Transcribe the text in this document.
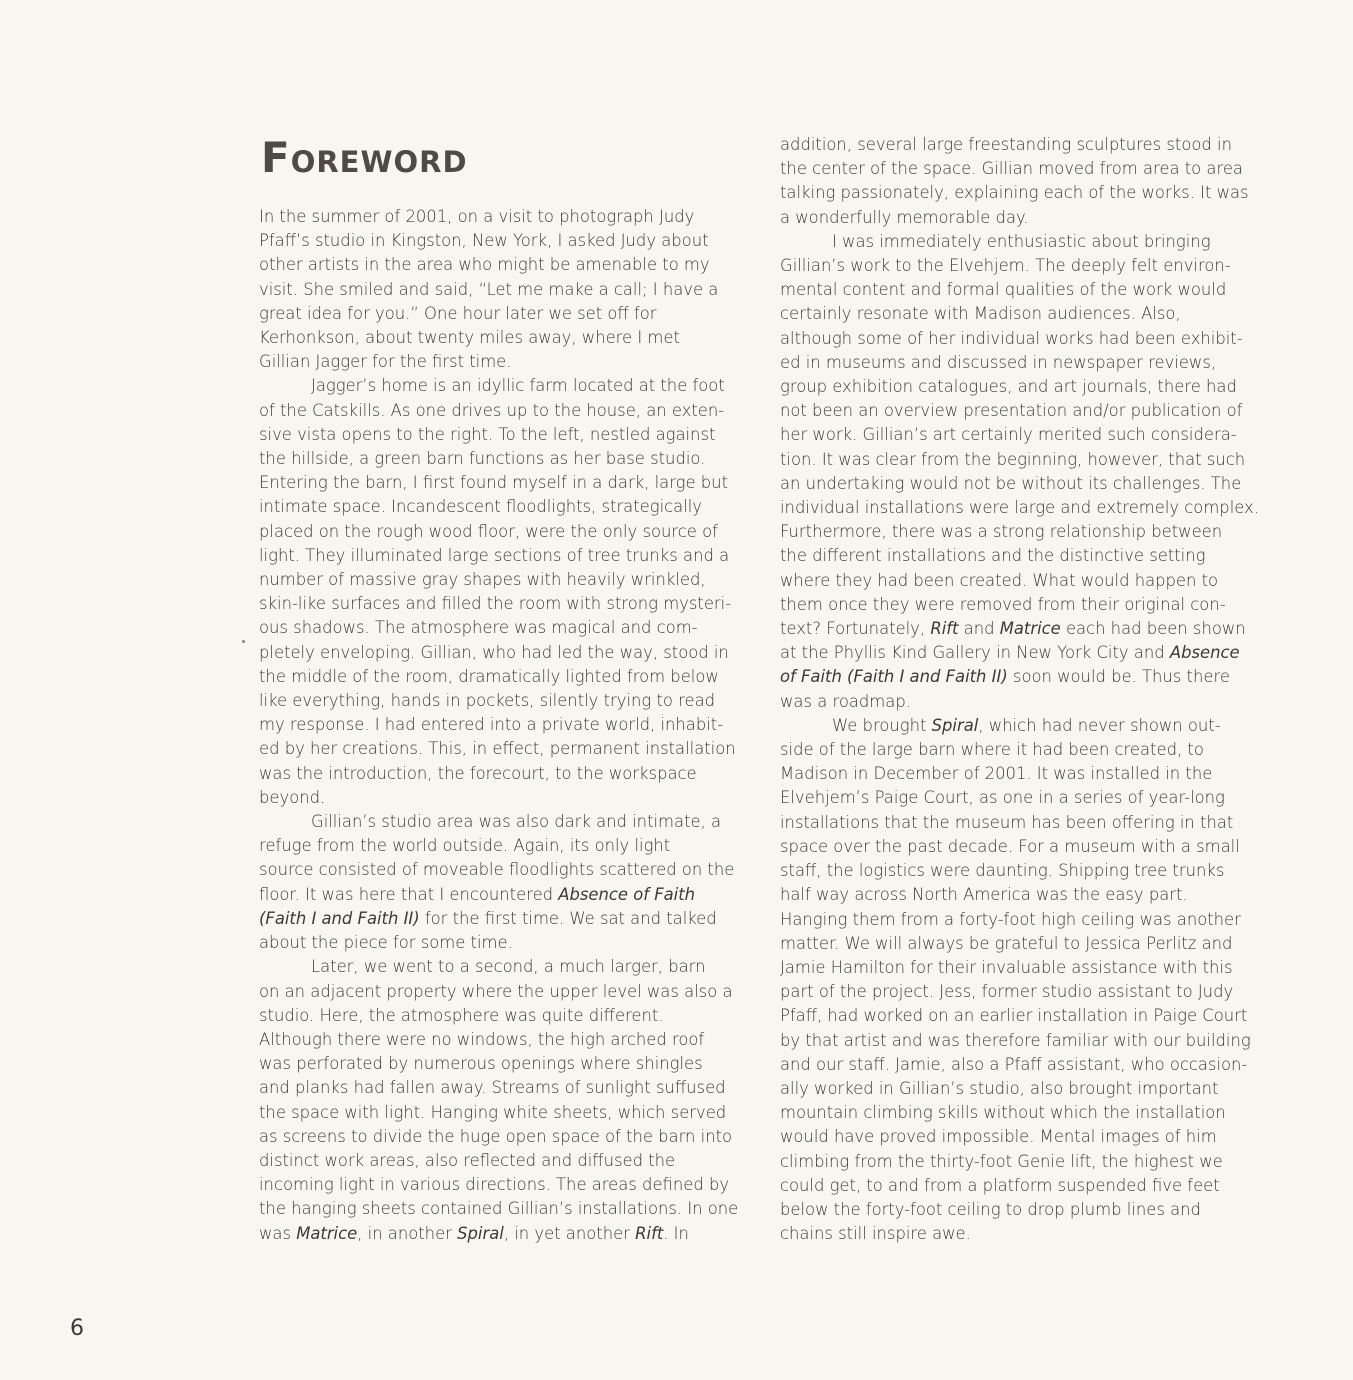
Foreword
In the summer of 2001, on a visit to photograph Judy
Pfaff’s studio in Kingston, New York, I asked Judy about
other artists in the area who might be amenable to my
visit. She smiled and said, “Let me make a call; I have a
great idea for you.” One hour later we set off for
Kerhonkson, about twenty miles away, where I met
Gillian Jagger for the first time.
Jagger’s home is an idyllic farm located at the foot
of the Catskills. As one drives up to the house, an exten-
sive vista opens to the right. To the left, nestled against
the hillside, a green barn functions as her base studio.
Entering the barn, I first found myself in a dark, large but
intimate space. Incandescent floodlights, strategically
placed on the rough wood floor, were the only source of
light. They illuminated large sections of tree trunks and a
number of massive gray shapes with heavily wrinkled,
skin-like surfaces and filled the room with strong mysteri-
ous shadows. The atmosphere was magical and com-
pletely enveloping. Gillian, who had led the way, stood in
the middle of the room, dramatically lighted from below
like everything, hands in pockets, silently trying to read
my response. I had entered into a private world, inhabit-
ed by her creations. This, in effect, permanent installation
was the introduction, the forecourt, to the workspace
beyond.
Gillian’s studio area was also dark and intimate, a
refuge from the world outside. Again, its only light
source consisted of moveable floodlights scattered on the
floor. It was here that I encountered Absence of Faith
(Faith I and Faith II) for the first time. We sat and talked
about the piece for some time.
Later, we went to a second, a much larger, barn
on an adjacent property where the upper level was also a
studio. Here, the atmosphere was quite different.
Although there were no windows, the high arched roof
was perforated by numerous openings where shingles
and planks had fallen away. Streams of sunlight suffused
the space with light. Hanging white sheets, which served
as screens to divide the huge open space of the barn into
distinct work areas, also reflected and diffused the
incoming light in various directions. The areas defined by
the hanging sheets contained Gillian’s installations. In one
was Matrice, in another Spiral, in yet another Rift. In
addition, several large freestanding sculptures stood in
the center of the space. Gillian moved from area to area
talking passionately, explaining each of the works. It was
a wonderfully memorable day.
I was immediately enthusiastic about bringing
Gillian’s work to the Elvehjem. The deeply felt environ-
mental content and formal qualities of the work would
certainly resonate with Madison audiences. Also,
although some of her individual works had been exhibit-
ed in museums and discussed in newspaper reviews,
group exhibition catalogues, and art journals, there had
not been an overview presentation and/or publication of
her work. Gillian’s art certainly merited such considera-
tion. It was clear from the beginning, however, that such
an undertaking would not be without its challenges. The
individual installations were large and extremely complex.
Furthermore, there was a strong relationship between
the different installations and the distinctive setting
where they had been created. What would happen to
them once they were removed from their original con-
text? Fortunately, Rift and Matrice each had been shown
at the Phyllis Kind Gallery in New York City and Absence
of Faith (Faith I and Faith II) soon would be. Thus there
was a roadmap.
We brought Spiral, which had never shown out-
side of the large barn where it had been created, to
Madison in December of 2001. It was installed in the
Elvehjem’s Paige Court, as one in a series of year-long
installations that the museum has been offering in that
space over the past decade. For a museum with a small
staff, the logistics were daunting. Shipping tree trunks
half way across North America was the easy part.
Hanging them from a forty-foot high ceiling was another
matter. We will always be grateful to Jessica Perlitz and
Jamie Hamilton for their invaluable assistance with this
part of the project. Jess, former studio assistant to Judy
Pfaff, had worked on an earlier installation in Paige Court
by that artist and was therefore familiar with our building
and our staff. Jamie, also a Pfaff assistant, who occasion-
ally worked in Gillian’s studio, also brought important
mountain climbing skills without which the installation
would have proved impossible. Mental images of him
climbing from the thirty-foot Genie lift, the highest we
could get, to and from a platform suspended five feet
below the forty-foot ceiling to drop plumb lines and
chains still inspire awe.
6
